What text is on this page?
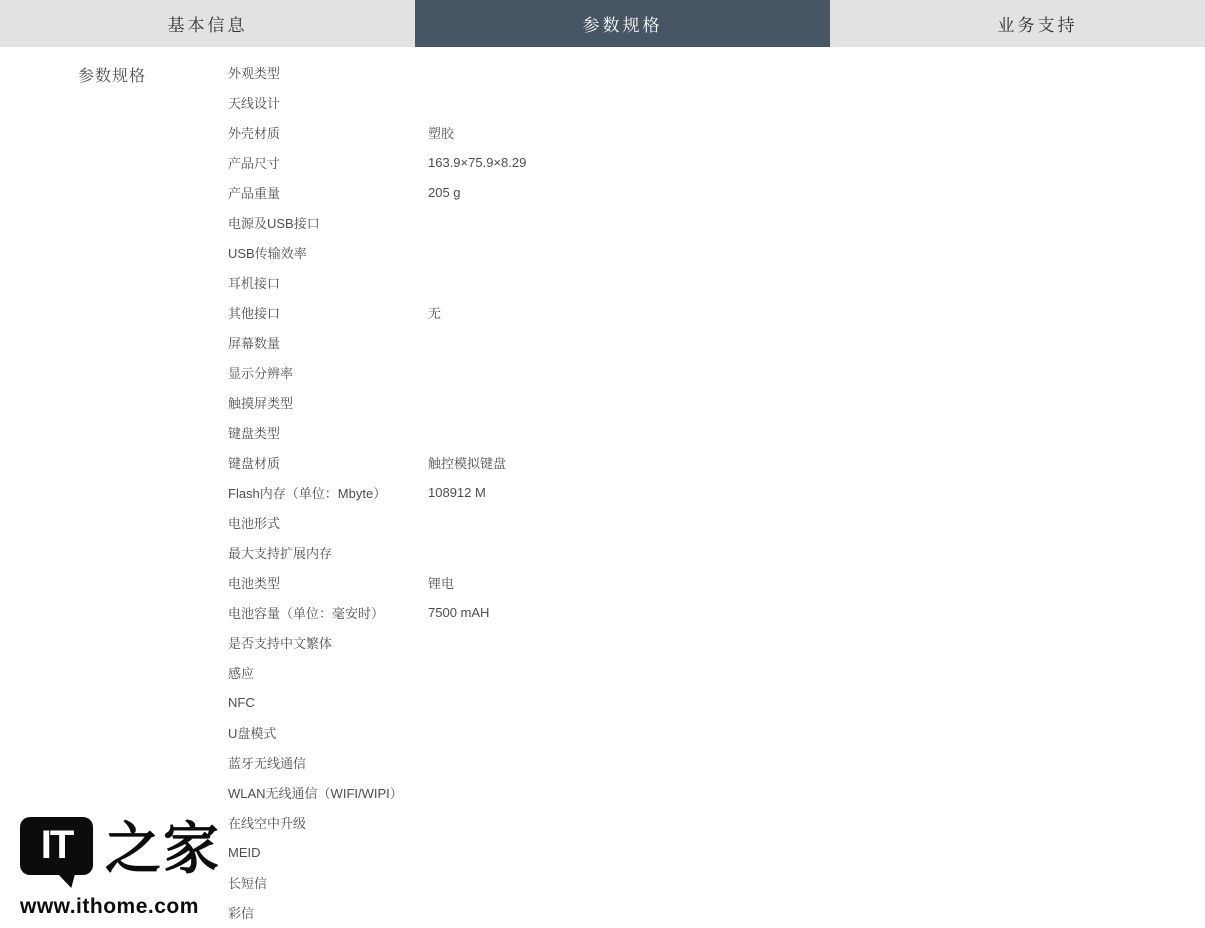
基本信息	参数规格	业务支持
参数规格	外观类型
天线设计
外壳材质	塑胶
产品尺寸	163.9×75.9×8.29
产品重量	205 g
电源及USB接口
USB传输效率
耳机接口
其他接口	无
屏幕数量
显示分辨率
触摸屏类型
键盘类型
键盘材质	触控模拟键盘
Flash内存（单位：Mbyte）	108912 M
电池形式
最大支持扩展内存
电池类型	锂电
电池容量（单位：毫安时）	7500 mAH
是否支持中文繁体
感应
NFC
U盘模式
蓝牙无线通信
WLAN无线通信（WIFI/WIPI）
在线空中升级
MEID
长短信
彩信
IT 之家
www.ithome.com
